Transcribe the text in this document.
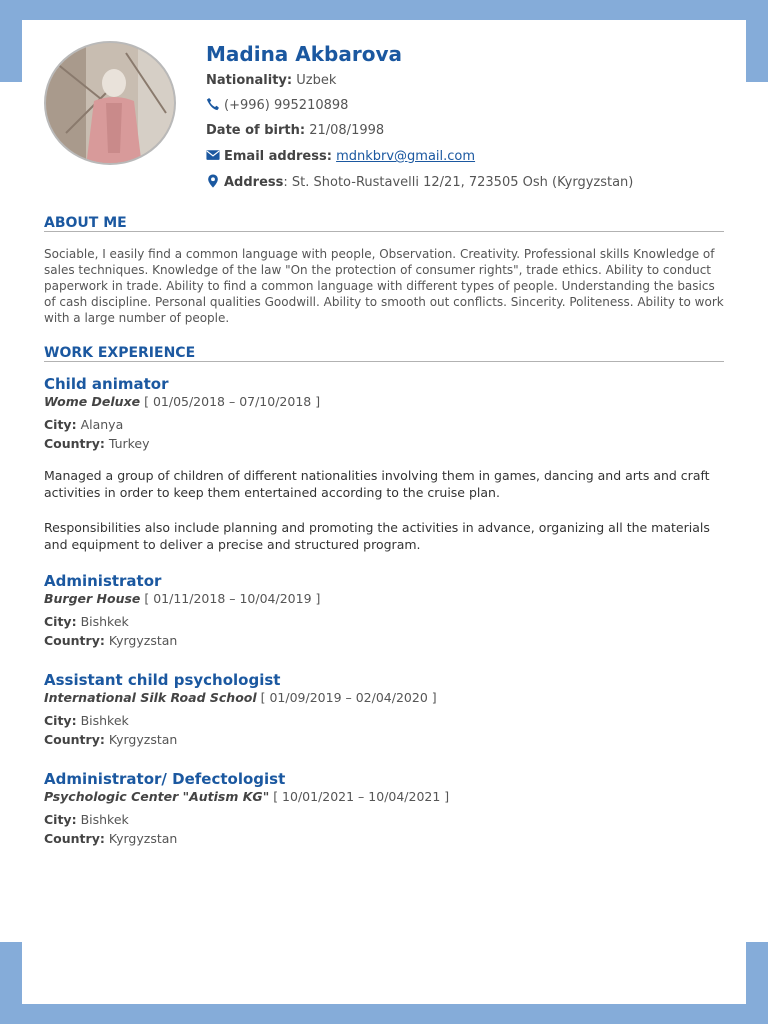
Madina Akbarova
Nationality: Uzbek
(+996) 995210898
Date of birth: 21/08/1998
Email address: mdnkbrv@gmail.com
Address: St. Shoto-Rustavelli 12/21, 723505 Osh (Kyrgyzstan)
ABOUT ME
Sociable, I easily find a common language with people, Observation. Creativity. Professional skills Knowledge of sales techniques. Knowledge of the law "On the protection of consumer rights", trade ethics. Ability to conduct paperwork in trade. Ability to find a common language with different types of people. Understanding the basics of cash discipline. Personal qualities Goodwill. Ability to smooth out conflicts. Sincerity. Politeness. Ability to work with a large number of people.
WORK EXPERIENCE
Child animator
Wome Deluxe [ 01/05/2018 – 07/10/2018 ]
City: Alanya
Country: Turkey
Managed a group of children of different nationalities involving them in games, dancing and arts and craft activities in order to keep them entertained according to the cruise plan.
Responsibilities also include planning and promoting the activities in advance, organizing all the materials and equipment to deliver a precise and structured program.
Administrator
Burger House [ 01/11/2018 – 10/04/2019 ]
City: Bishkek
Country: Kyrgyzstan
Assistant child psychologist
International Silk Road School [ 01/09/2019 – 02/04/2020 ]
City: Bishkek
Country: Kyrgyzstan
Administrator/ Defectologist
Psychologic Center "Autism KG" [ 10/01/2021 – 10/04/2021 ]
City: Bishkek
Country: Kyrgyzstan
